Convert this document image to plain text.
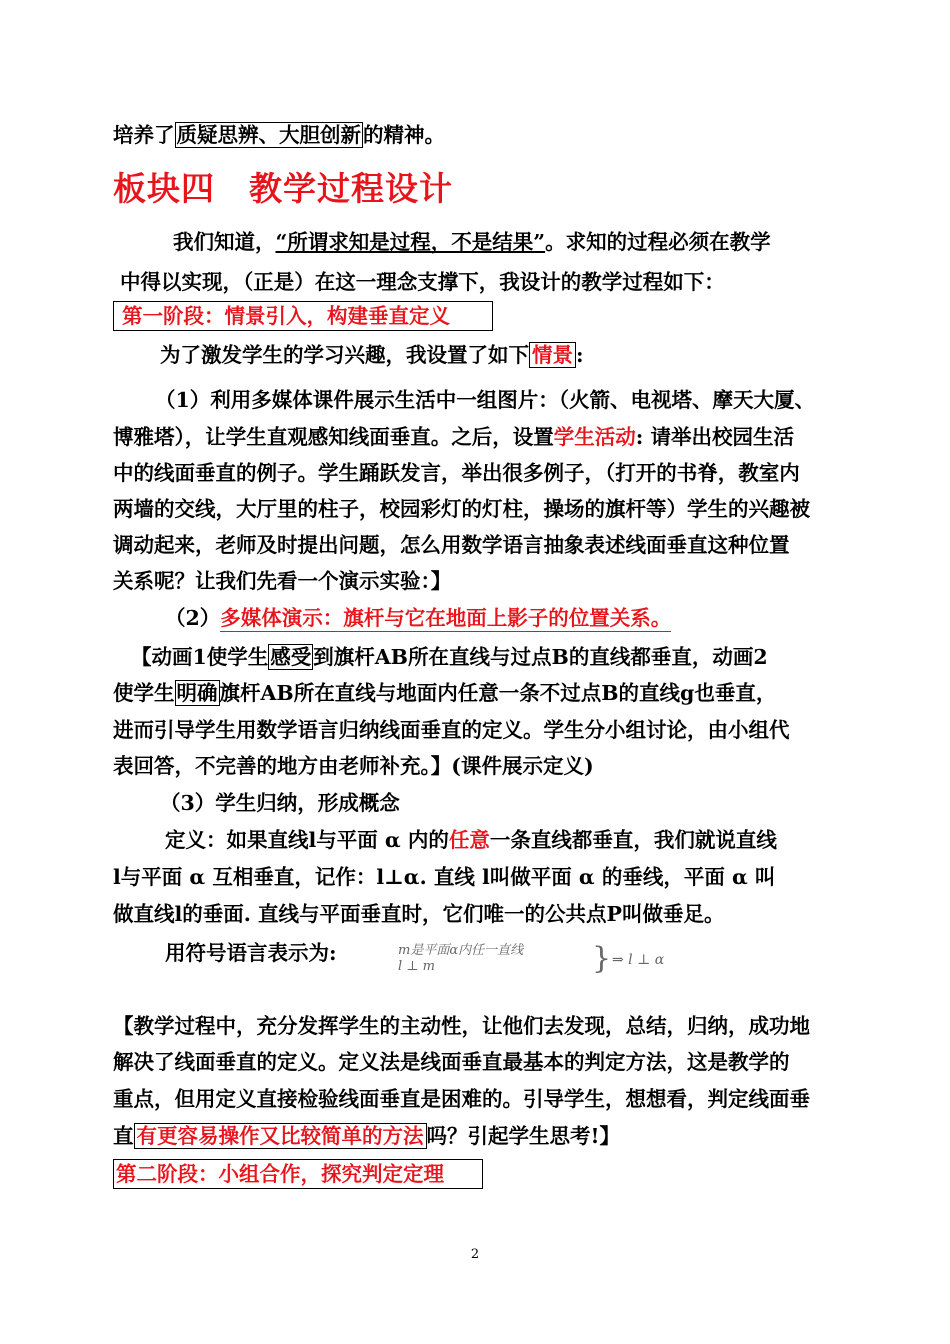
培养了质疑思辨、大胆创新的精神。
板块四　教学过程设计
我们知道，“所谓求知是过程，不是结果”。求知的过程必须在教学
中得以实现，（正是）在这一理念支撑下，我设计的教学过程如下：
第一阶段：情景引入，构建垂直定义
为了激发学生的学习兴趣，我设置了如下 情景 :
（1）利用多媒体课件展示生活中一组图片：（火箭、电视塔、摩天大厦、
博雅塔），让学生直观感知线面垂直。之后，设置学生活动: 请举出校园生活
中的线面垂直的例子。学生踊跃发言，举出很多例子，（打开的书脊，教室内
两墙的交线，大厅里的柱子，校园彩灯的灯柱，操场的旗杆等）学生的兴趣被
调动起来，老师及时提出问题，怎么用数学语言抽象表述线面垂直这种位置
关系呢？让我们先看一个演示实验：】
（2）多媒体演示：旗杆与它在地面上影子的位置关系。
【动画1使学生感受到旗杆AB所在直线与过点B的直线都垂直，动画2
使学生明确旗杆AB所在直线与地面内任意一条不过点B的直线g也垂直，
进而引导学生用数学语言归纳线面垂直的定义。学生分小组讨论，由小组代
表回答，不完善的地方由老师补充。】(课件展示定义)
（3）学生归纳，形成概念
定义：如果直线l与平面 α 内的任意一条直线都垂直，我们就说直线
l与平面 α 互相垂直，记作：l⊥α. 直线 l叫做平面 α 的垂线，平面 α 叫
做直线l的垂面. 直线与平面垂直时，它们唯一的公共点P叫做垂足。
用符号语言表示为:	m是平面α内任一直线
l ⊥ m	} ⇒ l ⊥ α
【教学过程中，充分发挥学生的主动性，让他们去发现，总结，归纳，成功地
解决了线面垂直的定义。定义法是线面垂直最基本的判定方法，这是教学的
重点，但用定义直接检验线面垂直是困难的。引导学生，想想看，判定线面垂
直 有更容易操作又比较简单的方法 吗？引起学生思考!】
第二阶段：小组合作，探究判定定理
2
